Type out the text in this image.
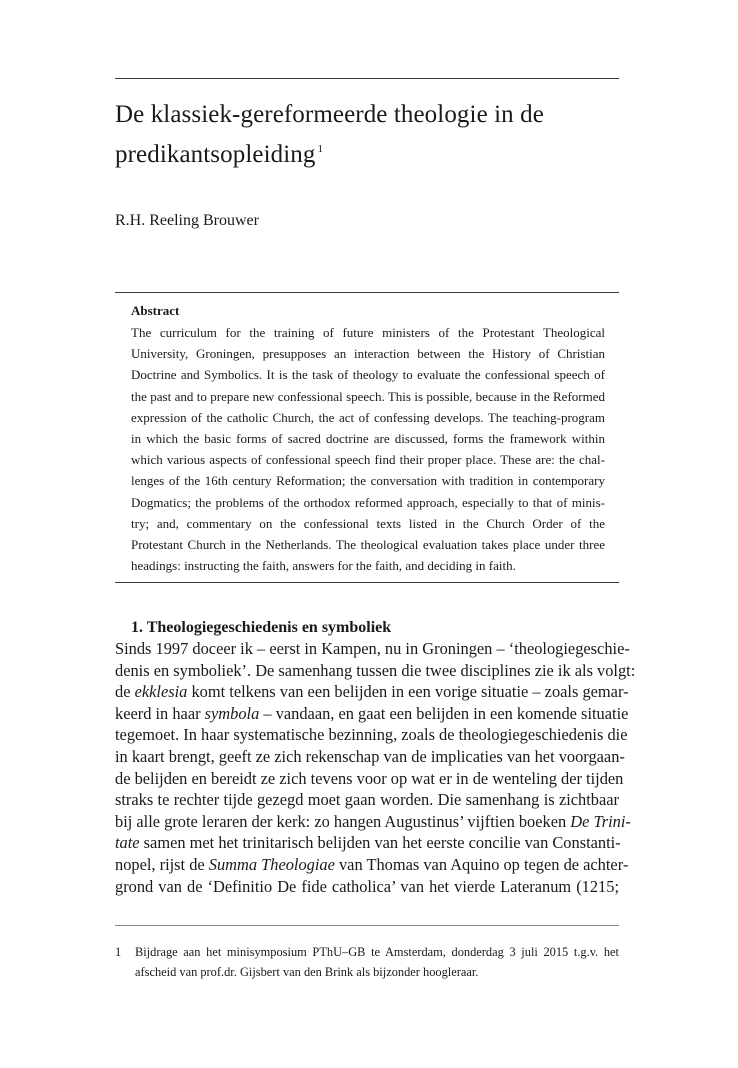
De klassiek-gereformeerde theologie in de
predikantsopleiding $^1$
R.H. Reeling Brouwer
Abstract
The curriculum for the training of future ministers of the Protestant Theological
University, Groningen, presupposes an interaction between the History of Christian
Doctrine and Symbolics. It is the task of theology to evaluate the confessional speech of
the past and to prepare new confessional speech. This is possible, because in the Reformed
expression of the catholic Church, the act of confessing develops. The teaching-program
in which the basic forms of sacred doctrine are discussed, forms the framework within
which various aspects of confessional speech find their proper place. These are: the chal-
lenges of the 16th century Reformation; the conversation with tradition in contemporary
Dogmatics; the problems of the orthodox reformed approach, especially to that of minis-
try; and, commentary on the confessional texts listed in the Church Order of the
Protestant Church in the Netherlands. The theological evaluation takes place under three
headings: instructing the faith, answers for the faith, and deciding in faith.
1. Theologiegeschiedenis en symboliek
Sinds 1997 doceer ik – eerst in Kampen, nu in Groningen – ‘theologiegeschie-
denis en symboliek’. De samenhang tussen die twee disciplines zie ik als volgt:
de ekklesia komt telkens van een belijden in een vorige situatie – zoals gemar-
keerd in haar symbola – vandaan, en gaat een belijden in een komende situatie
tegemoet. In haar systematische bezinning, zoals de theologiegeschiedenis die
in kaart brengt, geeft ze zich rekenschap van de implicaties van het voorgaan-
de belijden en bereidt ze zich tevens voor op wat er in de wenteling der tijden
straks te rechter tijde gezegd moet gaan worden. Die samenhang is zichtbaar
bij alle grote leraren der kerk: zo hangen Augustinus’ vijftien boeken De Trini-
tate samen met het trinitarisch belijden van het eerste concilie van Constanti-
nopel, rijst de Summa Theologiae van Thomas van Aquino op tegen de achter-
grond van de ‘Definitio De fide catholica’ van het vierde Lateranum (1215;
1 Bijdrage aan het minisymposium PThU–GB te Amsterdam, donderdag 3 juli 2015 t.g.v. het
afscheid van prof.dr. Gijsbert van den Brink als bijzonder hoogleraar.
